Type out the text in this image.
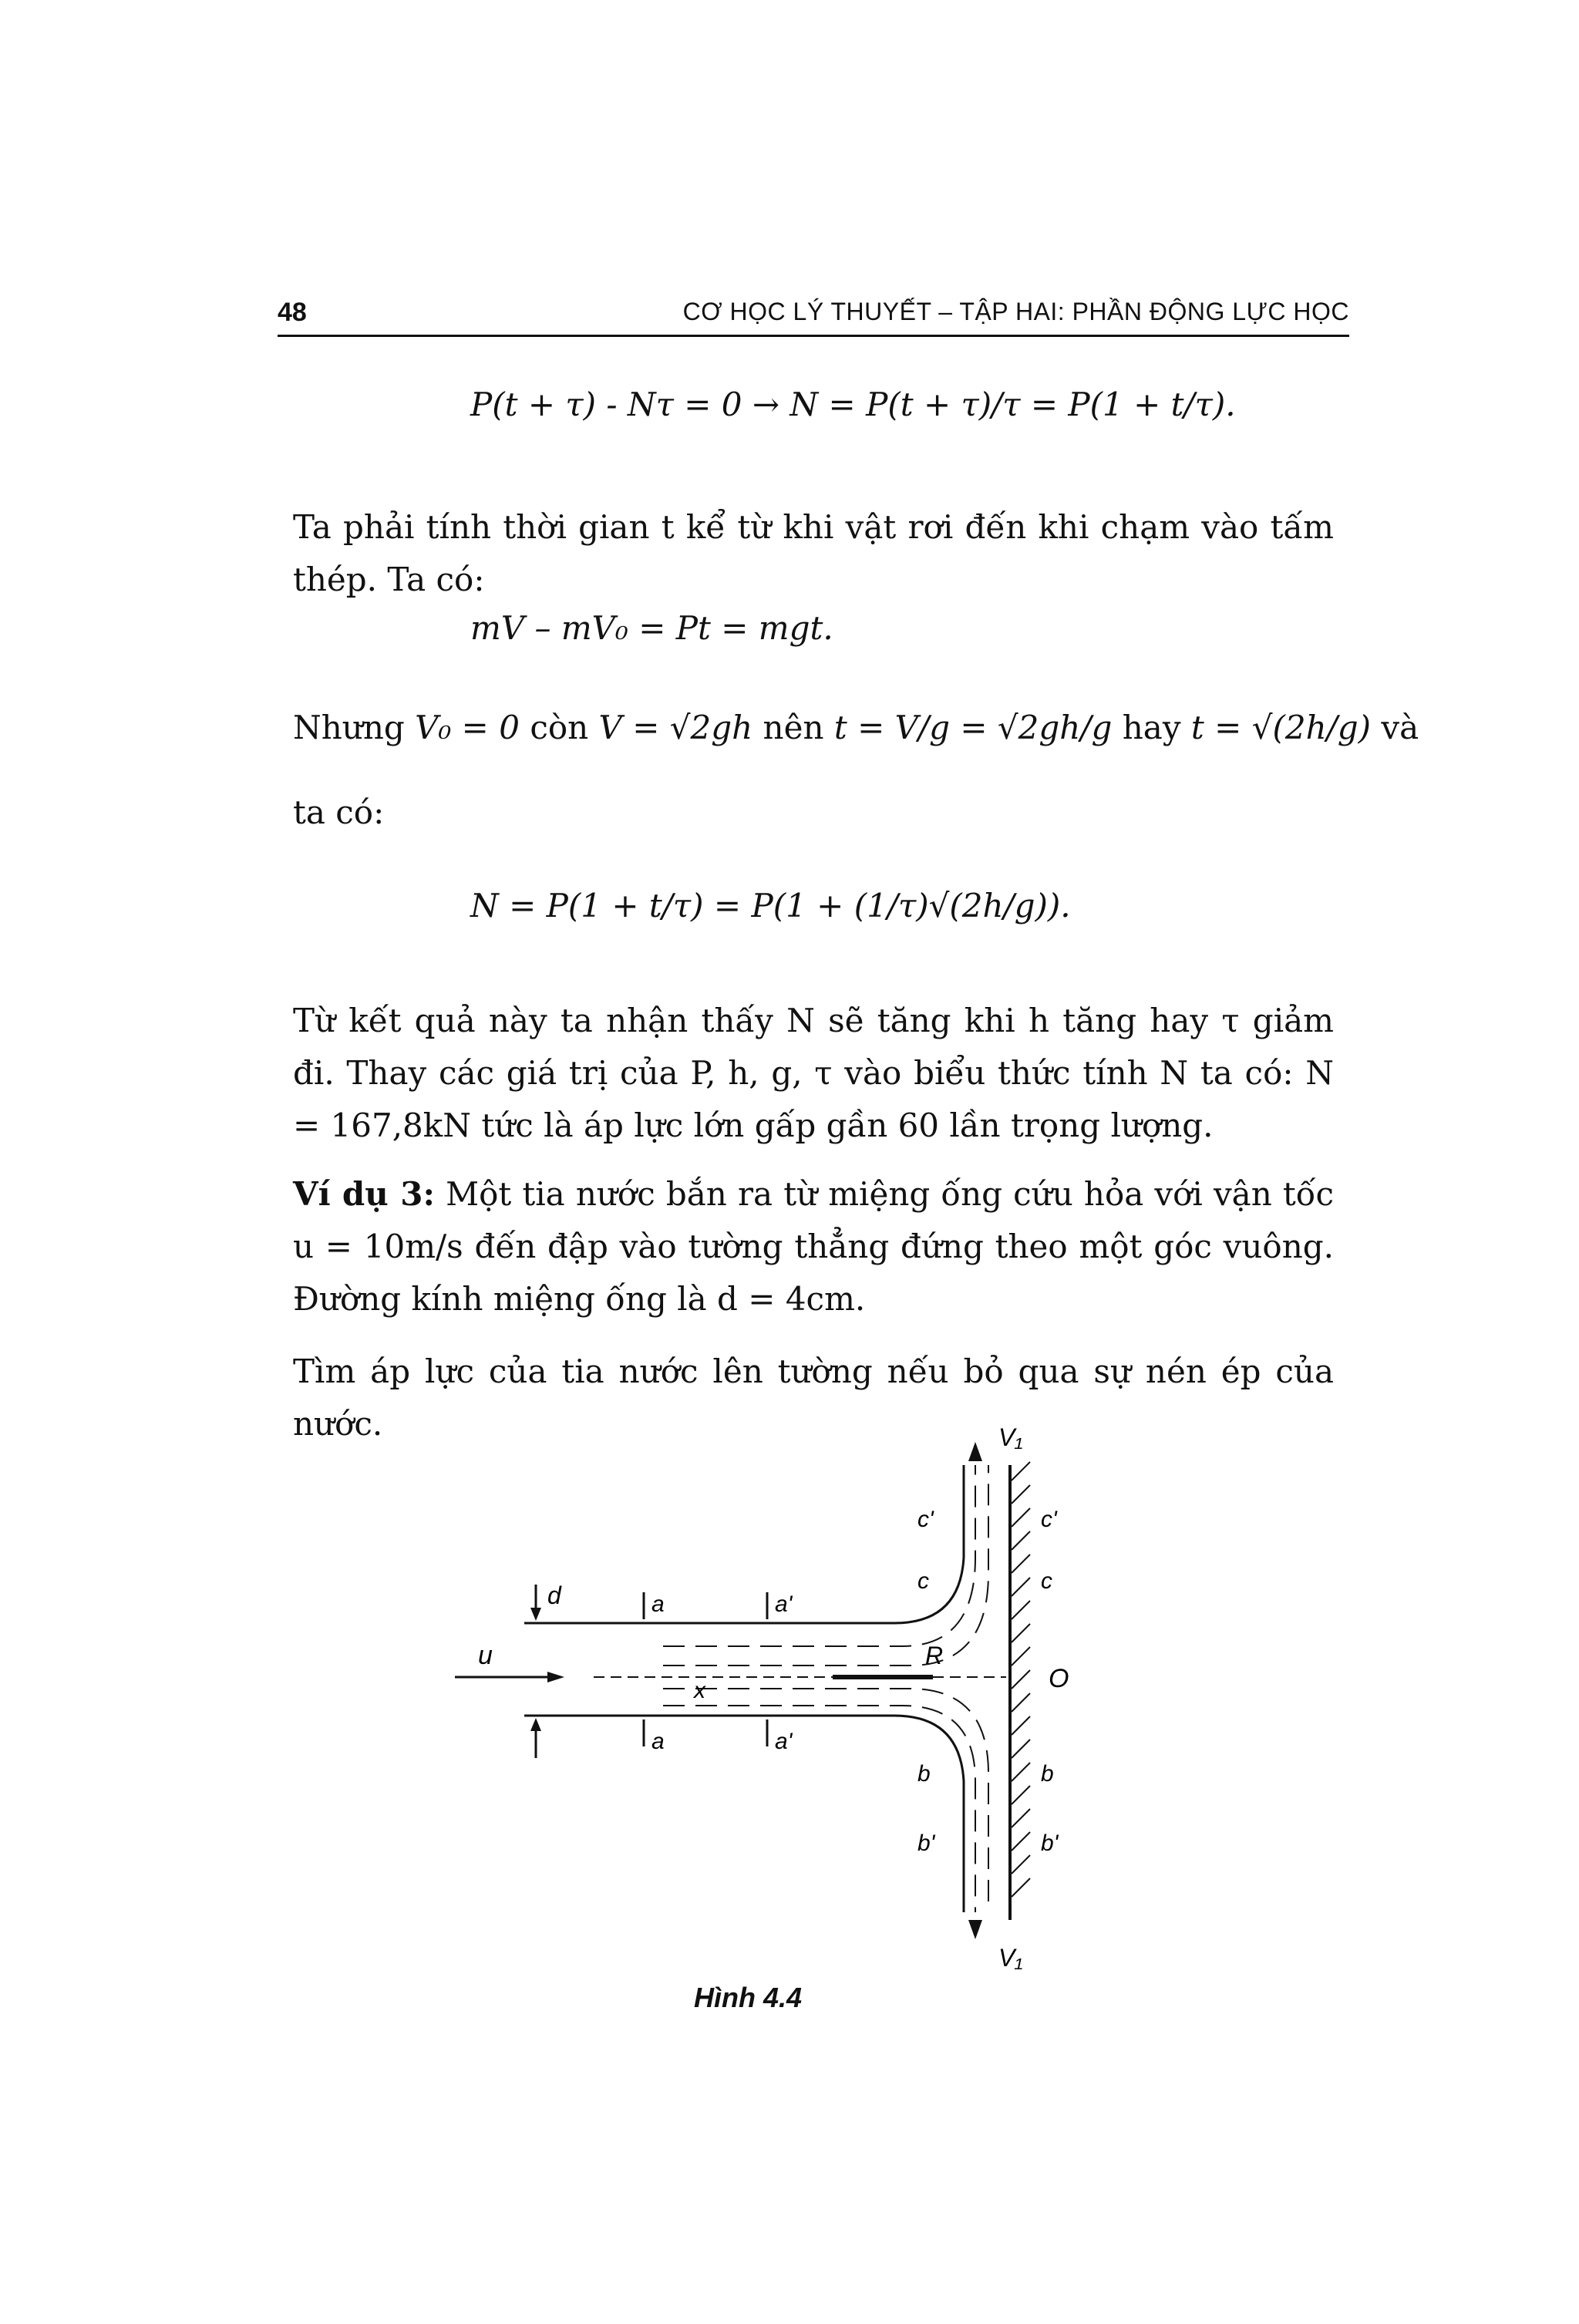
48	CƠ HỌC LÝ THUYẾT – TẬP HAI: PHẦN ĐỘNG LỰC HỌC
P(t + τ) - Nτ = 0 → N = P(t + τ)/τ = P(1 + t/τ).
Ta phải tính thời gian t kể từ khi vật rơi đến khi chạm vào tấm thép. Ta có:
mV – mV₀ = Pt = mgt.
Nhưng V₀ = 0 còn V = √2gh nên t = V/g = √2gh/g hay t = √(2h/g) và
ta có:
N = P(1 + t/τ) = P(1 + (1/τ)√(2h/g)).
Từ kết quả này ta nhận thấy N sẽ tăng khi h tăng hay τ giảm đi. Thay các giá trị của P, h, g, τ vào biểu thức tính N ta có: N = 167,8kN tức là áp lực lớn gấp gần 60 lần trọng lượng.
Ví dụ 3: Một tia nước bắn ra từ miệng ống cứu hỏa với vận tốc u = 10m/s đến đập vào tường thẳng đứng theo một góc vuông. Đường kính miệng ống là d = 4cm.
Tìm áp lực của tia nước lên tường nếu bỏ qua sự nén ép của nước.
u
d	a
a
a'
a'
x
R
O
c'	c'
c	c
b	b
b'	b'
V₁
V₁
Hình 4.4
